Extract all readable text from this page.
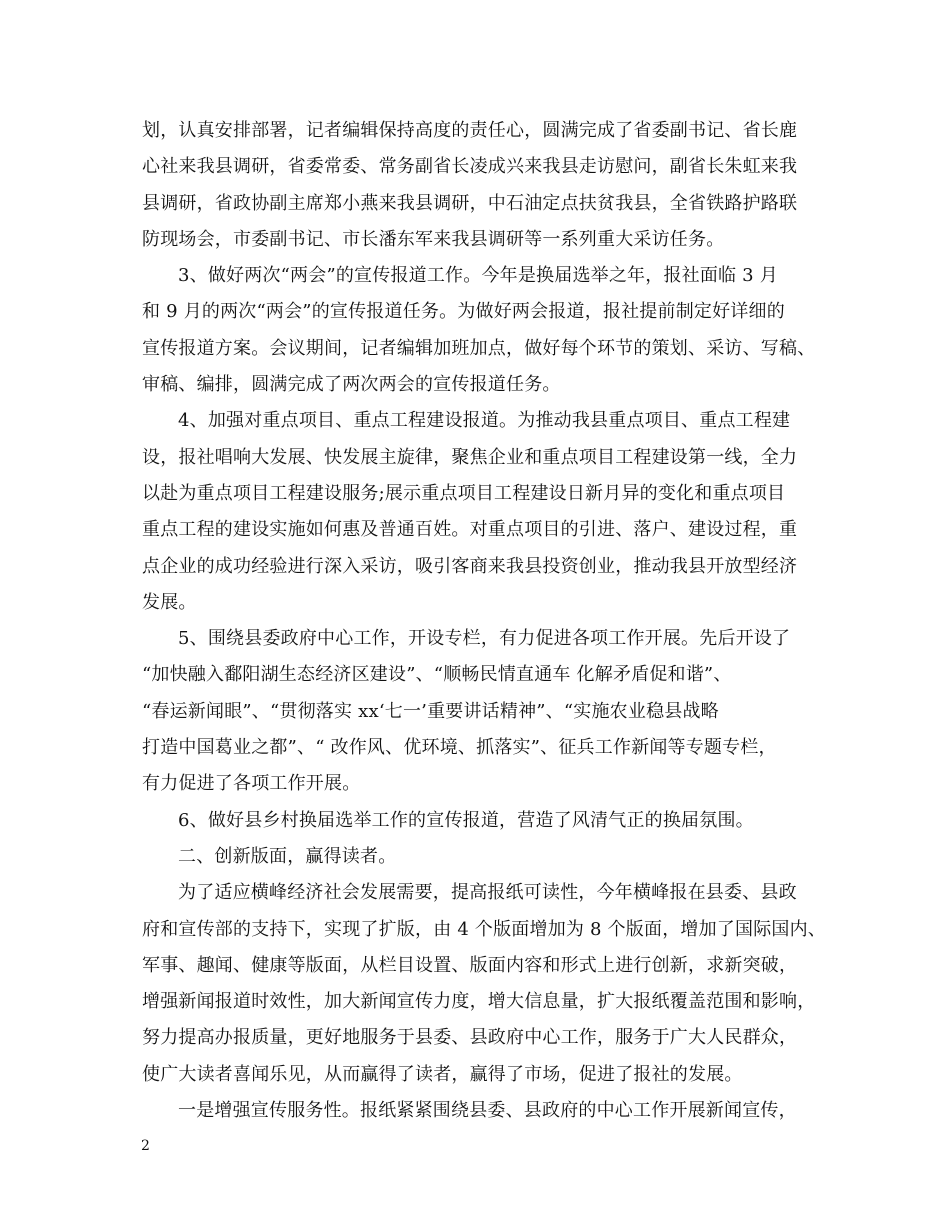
划，认真安排部署，记者编辑保持高度的责任心，圆满完成了省委副书记、省长鹿
心社来我县调研，省委常委、常务副省长凌成兴来我县走访慰问，副省长朱虹来我
县调研，省政协副主席郑小燕来我县调研，中石油定点扶贫我县，全省铁路护路联
防现场会，市委副书记、市长潘东军来我县调研等一系列重大采访任务。
3、做好两次“两会”的宣传报道工作。今年是换届选举之年，报社面临 3 月
和 9 月的两次“两会”的宣传报道任务。为做好两会报道，报社提前制定好详细的
宣传报道方案。会议期间，记者编辑加班加点，做好每个环节的策划、采访、写稿、
审稿、编排，圆满完成了两次两会的宣传报道任务。
4、加强对重点项目、重点工程建设报道。为推动我县重点项目、重点工程建
设，报社唱响大发展、快发展主旋律，聚焦企业和重点项目工程建设第一线，全力
以赴为重点项目工程建设服务;展示重点项目工程建设日新月异的变化和重点项目
重点工程的建设实施如何惠及普通百姓。对重点项目的引进、落户、建设过程，重
点企业的成功经验进行深入采访，吸引客商来我县投资创业，推动我县开放型经济
发展。
5、围绕县委政府中心工作，开设专栏，有力促进各项工作开展。先后开设了
“加快融入鄱阳湖生态经济区建设”、“顺畅民情直通车 化解矛盾促和谐”、
“春运新闻眼”、“贯彻落实 xx‘七一’重要讲话精神”、“实施农业稳县战略
打造中国葛业之都”、“ 改作风、优环境、抓落实”、征兵工作新闻等专题专栏，
有力促进了各项工作开展。
6、做好县乡村换届选举工作的宣传报道，营造了风清气正的换届氛围。
二、创新版面，赢得读者。
为了适应横峰经济社会发展需要，提高报纸可读性，今年横峰报在县委、县政
府和宣传部的支持下，实现了扩版，由 4 个版面增加为 8 个版面，增加了国际国内、
军事、趣闻、健康等版面，从栏目设置、版面内容和形式上进行创新，求新突破，
增强新闻报道时效性，加大新闻宣传力度，增大信息量，扩大报纸覆盖范围和影响，
努力提高办报质量，更好地服务于县委、县政府中心工作，服务于广大人民群众，
使广大读者喜闻乐见，从而赢得了读者，赢得了市场，促进了报社的发展。
一是增强宣传服务性。报纸紧紧围绕县委、县政府的中心工作开展新闻宣传，
2
